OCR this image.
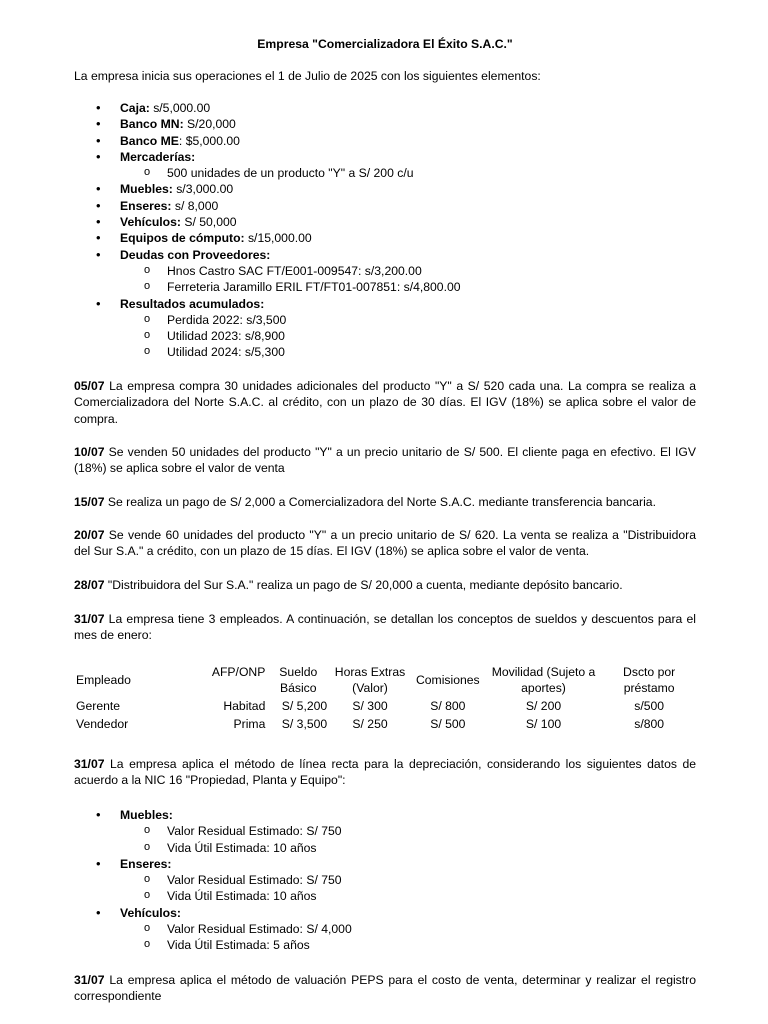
Empresa "Comercializadora El Éxito S.A.C."
La empresa inicia sus operaciones el 1 de Julio de 2025 con los siguientes elementos:
• Caja: s/5,000.00
• Banco MN: S/20,000
• Banco ME: $5,000.00
• Mercaderías:
o 500 unidades de un producto "Y" a S/ 200 c/u
• Muebles: s/3,000.00
• Enseres: s/ 8,000
• Vehículos: S/ 50,000
• Equipos de cómputo: s/15,000.00
• Deudas con Proveedores:
o Hnos Castro SAC FT/E001-009547: s/3,200.00
o Ferreteria Jaramillo ERIL FT/FT01-007851: s/4,800.00
• Resultados acumulados:
o Perdida 2022: s/3,500
o Utilidad 2023: s/8,900
o Utilidad 2024: s/5,300
05/07 La empresa compra 30 unidades adicionales del producto "Y" a S/ 520 cada una. La compra se realiza a Comercializadora del Norte S.A.C. al crédito, con un plazo de 30 días. El IGV (18%) se aplica sobre el valor de compra.
10/07 Se venden 50 unidades del producto "Y" a un precio unitario de S/ 500. El cliente paga en efectivo. El IGV (18%) se aplica sobre el valor de venta
15/07 Se realiza un pago de S/ 2,000 a Comercializadora del Norte S.A.C. mediante transferencia bancaria.
20/07 Se vende 60 unidades del producto "Y" a un precio unitario de S/ 620. La venta se realiza a "Distribuidora del Sur S.A." a crédito, con un plazo de 15 días. El IGV (18%) se aplica sobre el valor de venta.
28/07 "Distribuidora del Sur S.A." realiza un pago de S/ 20,000 a cuenta, mediante depósito bancario.
31/07 La empresa tiene 3 empleados. A continuación, se detallan los conceptos de sueldos y descuentos para el mes de enero:
Empleado	AFP/ONP	Sueldo Básico	Horas Extras (Valor)	Comisiones	Movilidad (Sujeto a aportes)	Dscto por préstamo
Gerente	Habitad	S/ 5,200	S/ 300	S/ 800	S/ 200	s/500
Vendedor	Prima	S/ 3,500	S/ 250	S/ 500	S/ 100	s/800
31/07 La empresa aplica el método de línea recta para la depreciación, considerando los siguientes datos de acuerdo a la NIC 16 "Propiedad, Planta y Equipo":
• Muebles:
o Valor Residual Estimado: S/ 750
o Vida Útil Estimada: 10 años
• Enseres:
o Valor Residual Estimado: S/ 750
o Vida Útil Estimada: 10 años
• Vehículos:
o Valor Residual Estimado: S/ 4,000
o Vida Útil Estimada: 5 años
31/07 La empresa aplica el método de valuación PEPS para el costo de venta, determinar y realizar el registro correspondiente
